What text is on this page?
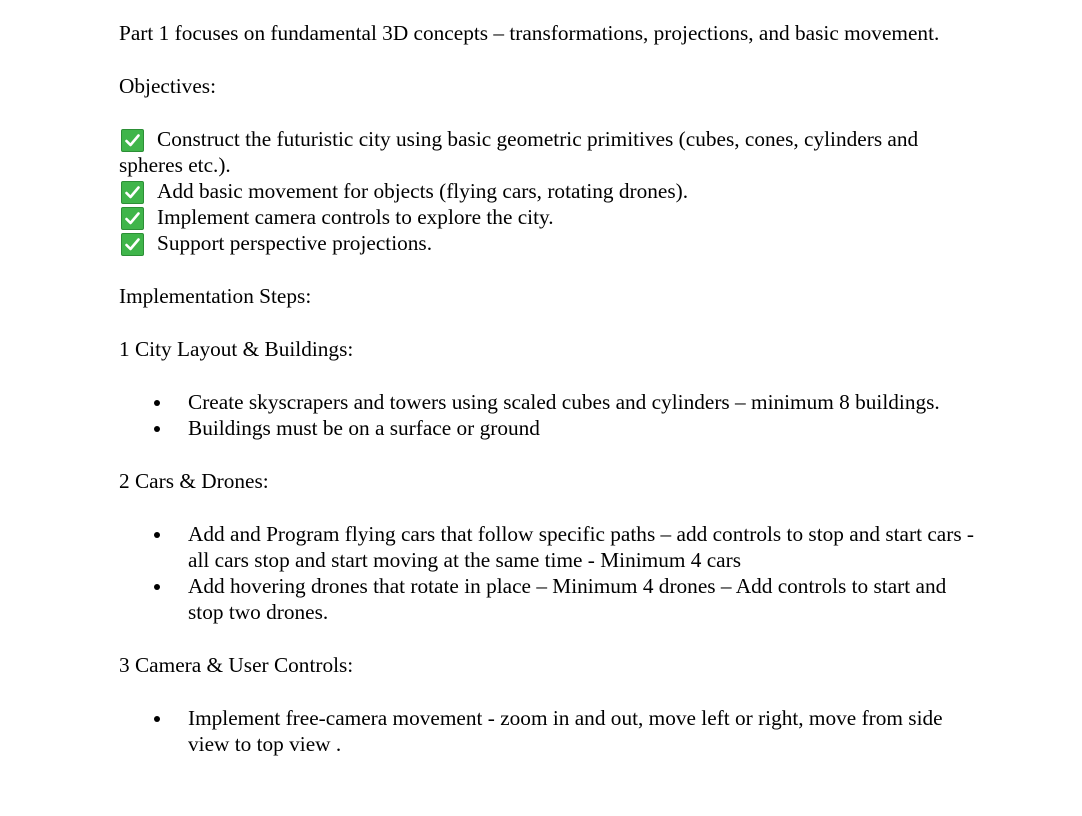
Part 1 focuses on fundamental 3D concepts – transformations, projections, and basic movement.

Objectives:

Construct the futuristic city using basic geometric primitives (cubes, cones, cylinders and spheres etc.).

Add basic movement for objects (flying cars, rotating drones).

Implement camera controls to explore the city.

Support perspective projections.

Implementation Steps:

1 City Layout & Buildings:

Create skyscrapers and towers using scaled cubes and cylinders – minimum 8 buildings.
Buildings must be on a surface or ground

2 Cars & Drones:

Add and Program flying cars that follow specific paths – add controls to stop and start cars - all cars stop and start moving at the same time - Minimum 4 cars
Add hovering drones that rotate in place – Minimum 4 drones – Add controls to start and stop two drones.

3 Camera & User Controls:

Implement free-camera movement - zoom in and out, move left or right, move from side view to top view .
